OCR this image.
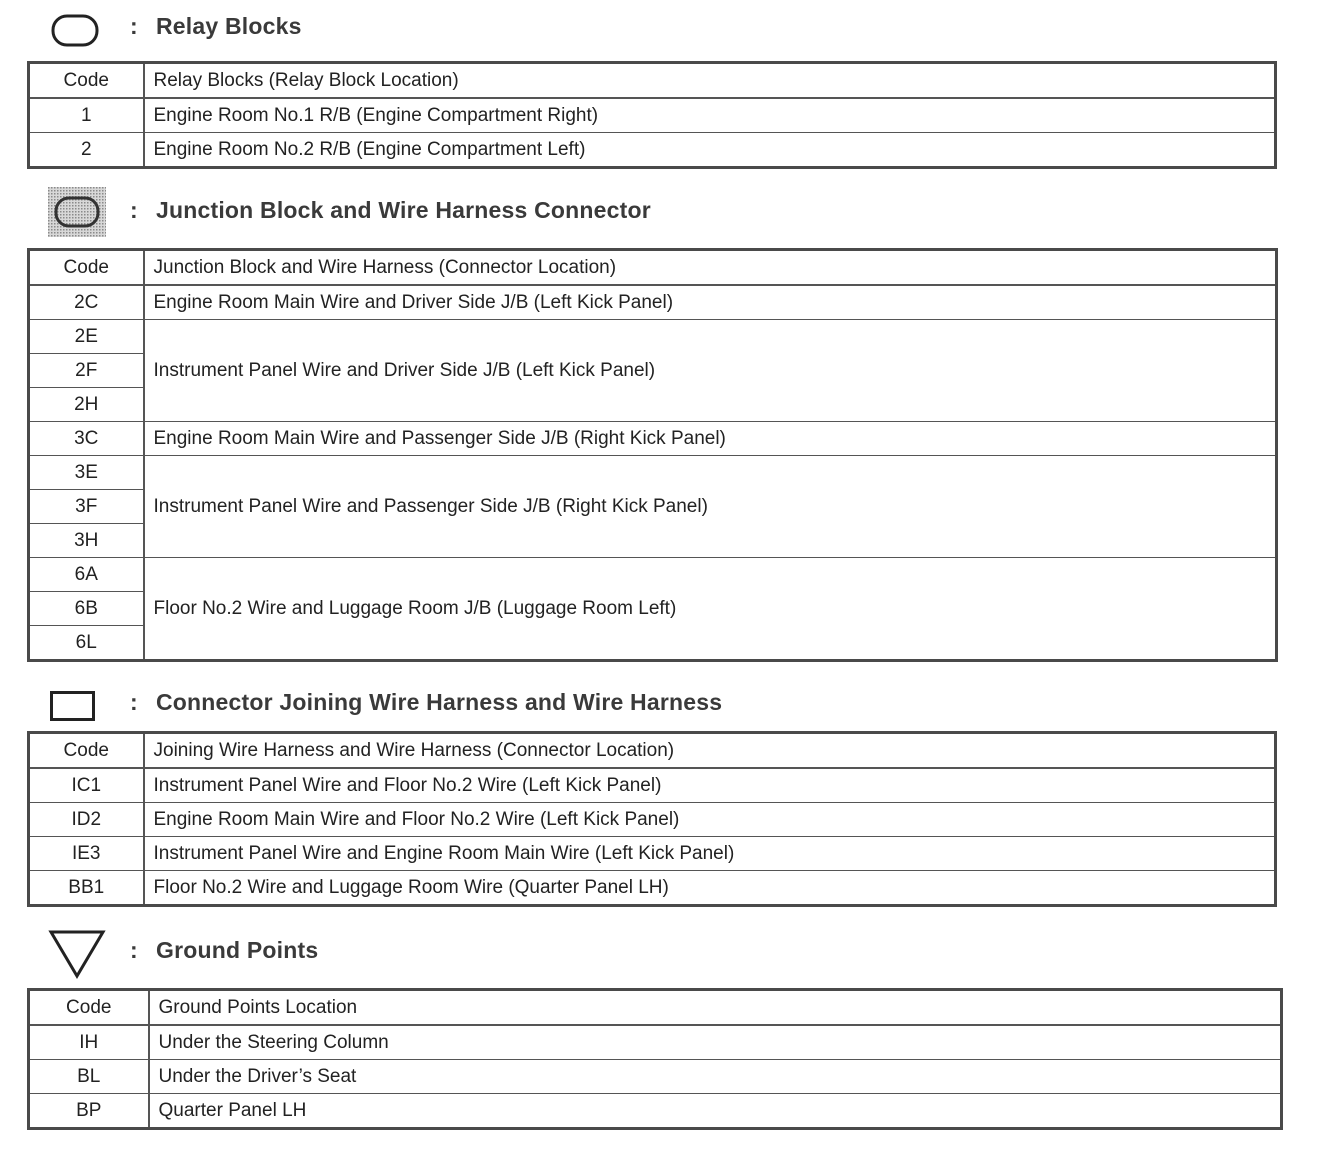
: Relay Blocks
Code	Relay Blocks (Relay Block Location)
1	Engine Room No.1 R/B (Engine Compartment Right)
2	Engine Room No.2 R/B (Engine Compartment Left)
: Junction Block and Wire Harness Connector
Code	Junction Block and Wire Harness (Connector Location)
2C	Engine Room Main Wire and Driver Side J/B (Left Kick Panel)
2E	Instrument Panel Wire and Driver Side J/B (Left Kick Panel)
2F	
2H	
3C	Engine Room Main Wire and Passenger Side J/B (Right Kick Panel)
3E	Instrument Panel Wire and Passenger Side J/B (Right Kick Panel)
3F	
3H	
6A	Floor No.2 Wire and Luggage Room J/B (Luggage Room Left)
6B	
6L	
: Connector Joining Wire Harness and Wire Harness
Code	Joining Wire Harness and Wire Harness (Connector Location)
IC1	Instrument Panel Wire and Floor No.2 Wire (Left Kick Panel)
ID2	Engine Room Main Wire and Floor No.2 Wire (Left Kick Panel)
IE3	Instrument Panel Wire and Engine Room Main Wire (Left Kick Panel)
BB1	Floor No.2 Wire and Luggage Room Wire (Quarter Panel LH)
: Ground Points
Code	Ground Points Location
IH	Under the Steering Column
BL	Under the Driver’s Seat
BP	Quarter Panel LH
